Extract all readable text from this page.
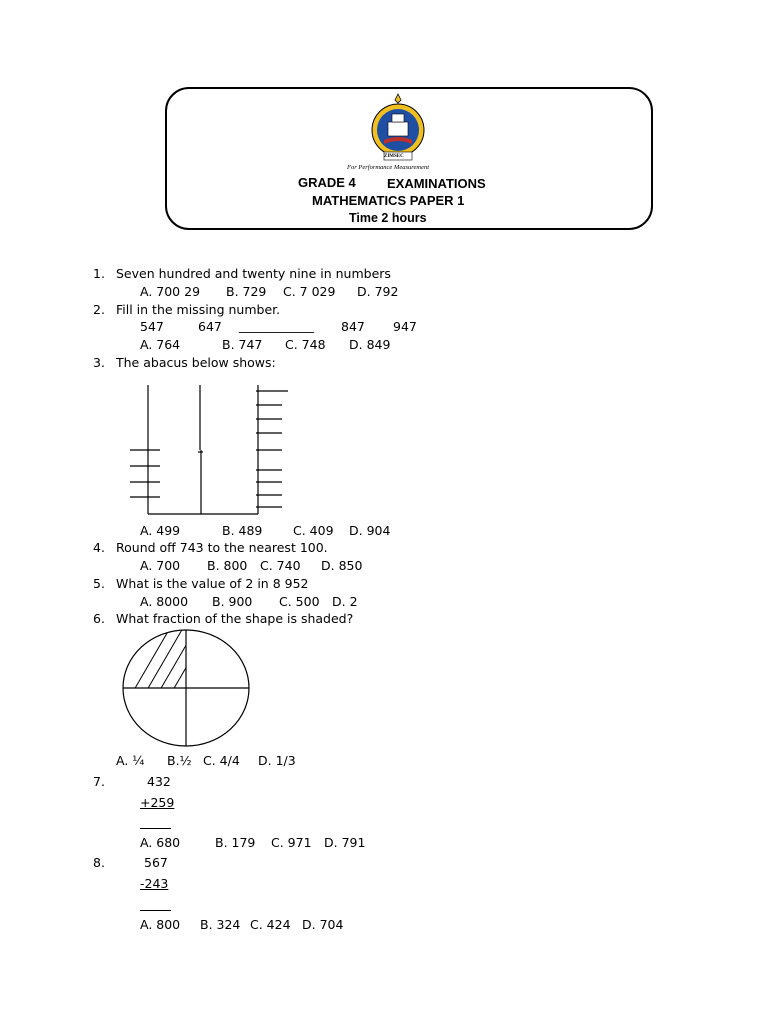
ZIMSEC
For Performance Measurement
GRADE 4 EXAMINATIONS
MATHEMATICS PAPER 1
Time 2 hours
1. Seven hundred and twenty nine in numbers
A. 700 29 B. 729 C. 7 029 D. 792
2. Fill in the missing number.
547	647 ____________ 847 947
A. 764	B. 747 C. 748 D. 849
3. The abacus below shows:
A. 499	B. 489 C. 409 D. 904
4. Round off 743 to the nearest 100.
A. 700 B. 800 C. 740 D. 850
5. What is the value of 2 in 8 952
A. 8000 B. 900 C. 500 D. 2
6. What fraction of the shape is shaded?
A. ¼ B.½ C. 4/4 D. 1/3
7.	432
+259
A. 680	B. 179 C. 971 D. 791
8.	567
-243
A. 800 B. 324 C. 424 D. 704
